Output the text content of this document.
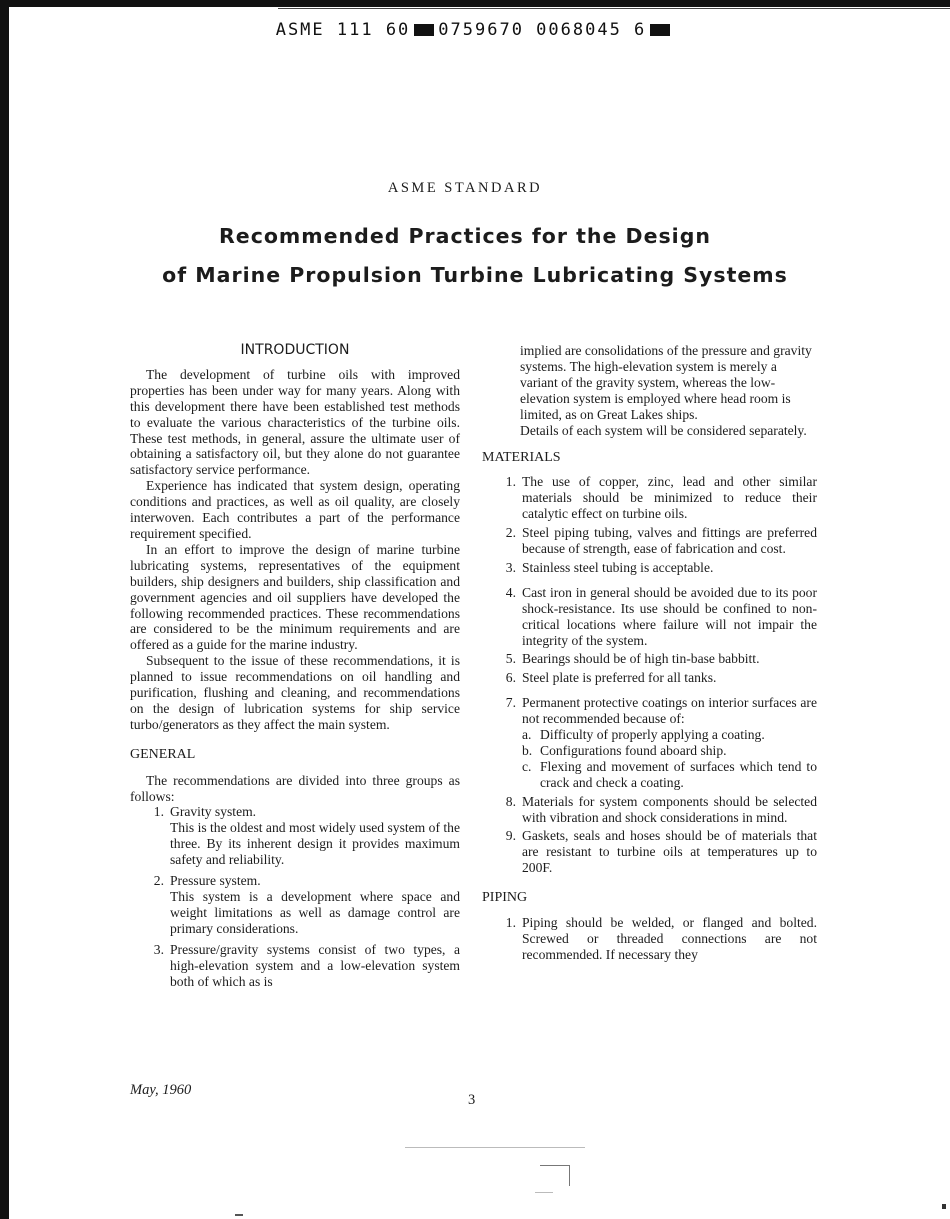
ASME 111 60 0759670 0068045 6
ASME STANDARD
Recommended Practices for the Design
of Marine Propulsion Turbine Lubricating Systems
INTRODUCTION

The development of turbine oils with improved properties has been under way for many years. Along with this development there have been established test methods to evaluate the various characteristics of the turbine oils. These test methods, in general, assure the ultimate user of obtaining a satisfactory oil, but they alone do not guarantee satisfactory service performance.

Experience has indicated that system design, operating conditions and practices, as well as oil quality, are closely interwoven. Each contributes a part of the performance requirement specified.

In an effort to improve the design of marine turbine lubricating systems, representatives of the equipment builders, ship designers and builders, ship classification and government agencies and oil suppliers have developed the following recommended practices. These recommendations are considered to be the minimum requirements and are offered as a guide for the marine industry.

Subsequent to the issue of these recommendations, it is planned to issue recommendations on oil handling and purification, flushing and cleaning, and recommendations on the design of lubrication systems for ship service turbo/generators as they affect the main system.

GENERAL

The recommendations are divided into three groups as follows:

1. Gravity system.
This is the oldest and most widely used system of the three. By its inherent design it provides maximum safety and reliability.
2. Pressure system.
This system is a development where space and weight limitations as well as damage control are primary considerations.
3. Pressure/gravity systems consist of two types, a high-elevation system and a low-elevation system both of which as is
implied are consolidations of the pressure and gravity systems. The high-elevation system is merely a variant of the gravity system, whereas the low-elevation system is employed where head room is limited, as on Great Lakes ships.
Details of each system will be considered separately.
MATERIALS
1. The use of copper, zinc, lead and other similar materials should be minimized to reduce their catalytic effect on turbine oils.
2. Steel piping tubing, valves and fittings are preferred because of strength, ease of fabrication and cost.
3. Stainless steel tubing is acceptable.
4. Cast iron in general should be avoided due to its poor shock-resistance. Its use should be confined to non-critical locations where failure will not impair the integrity of the system.
5. Bearings should be of high tin-base babbitt.
6. Steel plate is preferred for all tanks.
7. Permanent protective coatings on interior surfaces are not recommended because of:
a. Difficulty of properly applying a coating.
b. Configurations found aboard ship.
c. Flexing and movement of surfaces which tend to crack and check a coating.
8. Materials for system components should be selected with vibration and shock considerations in mind.
9. Gaskets, seals and hoses should be of materials that are resistant to turbine oils at temperatures up to 200F.
PIPING
1. Piping should be welded, or flanged and bolted. Screwed or threaded connections are not recommended. If necessary they
May, 1960
3
